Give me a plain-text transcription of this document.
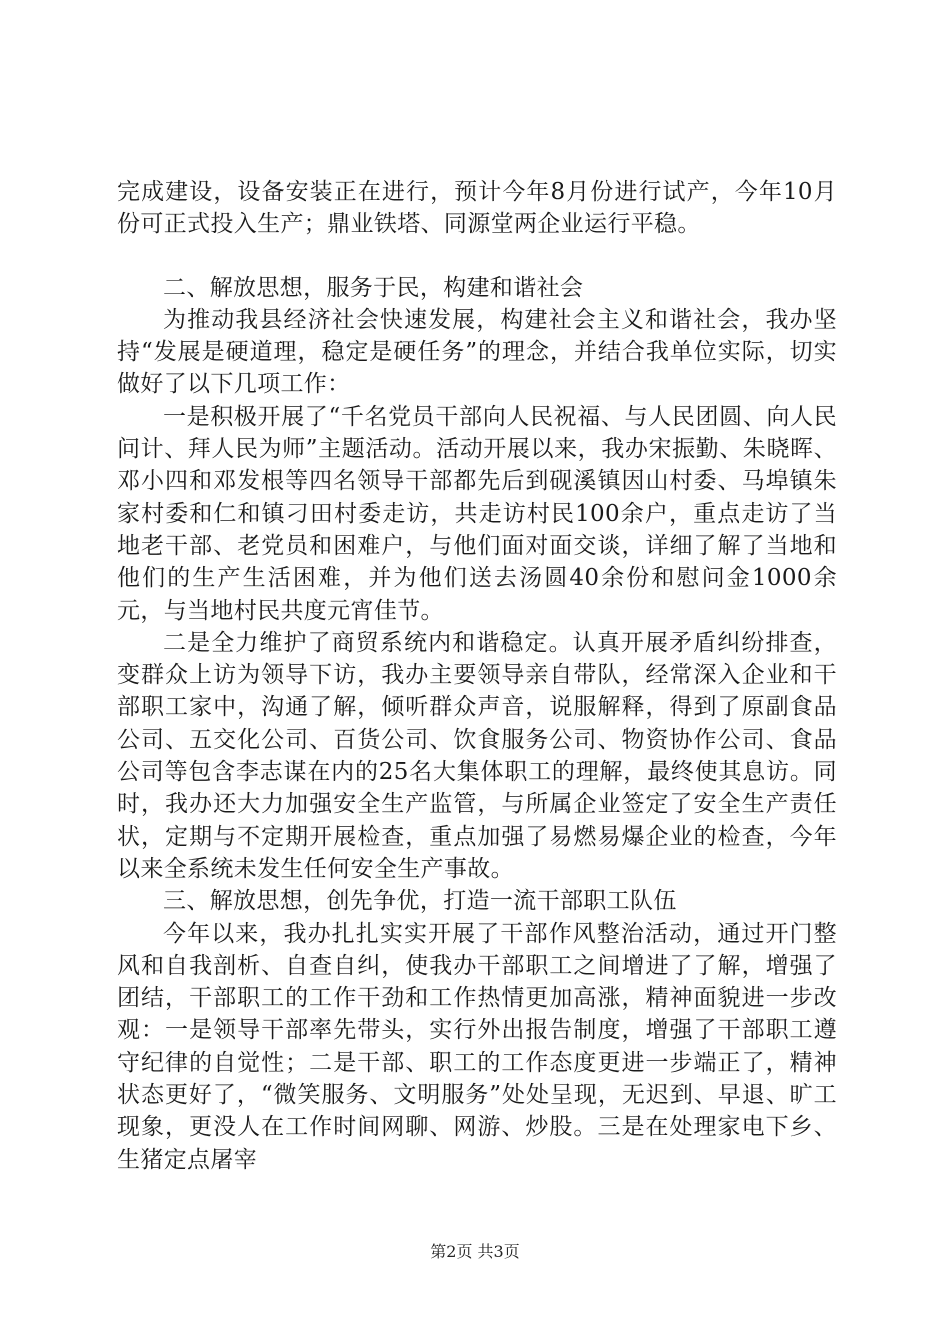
完成建设，设备安装正在进行，预计今年8月份进行试产，今年10月份可正式投入生产；鼎业铁塔、同源堂两企业运行平稳。

二、解放思想，服务于民，构建和谐社会

为推动我县经济社会快速发展，构建社会主义和谐社会，我办坚持“发展是硬道理，稳定是硬任务”的理念，并结合我单位实际，切实做好了以下几项工作：

一是积极开展了“千名党员干部向人民祝福、与人民团圆、向人民问计、拜人民为师”主题活动。活动开展以来，我办宋振勤、朱晓晖、邓小四和邓发根等四名领导干部都先后到砚溪镇因山村委、马埠镇朱家村委和仁和镇刁田村委走访，共走访村民100余户，重点走访了当地老干部、老党员和困难户，与他们面对面交谈，详细了解了当地和他们的生产生活困难，并为他们送去汤圆40余份和慰问金1000余元，与当地村民共度元宵佳节。

二是全力维护了商贸系统内和谐稳定。认真开展矛盾纠纷排查，变群众上访为领导下访，我办主要领导亲自带队，经常深入企业和干部职工家中，沟通了解，倾听群众声音，说服解释，得到了原副食品公司、五交化公司、百货公司、饮食服务公司、物资协作公司、食品公司等包含李志谋在内的25名大集体职工的理解，最终使其息访。同时，我办还大力加强安全生产监管，与所属企业签定了安全生产责任状，定期与不定期开展检查，重点加强了易燃易爆企业的检查，今年以来全系统未发生任何安全生产事故。

三、解放思想，创先争优，打造一流干部职工队伍

今年以来，我办扎扎实实开展了干部作风整治活动，通过开门整风和自我剖析、自查自纠，使我办干部职工之间增进了了解，增强了团结，干部职工的工作干劲和工作热情更加高涨，精神面貌进一步改观：一是领导干部率先带头，实行外出报告制度，增强了干部职工遵守纪律的自觉性；二是干部、职工的工作态度更进一步端正了，精神状态更好了，“微笑服务、文明服务”处处呈现，无迟到、早退、旷工现象，更没人在工作时间网聊、网游、炒股。三是在处理家电下乡、生猪定点屠宰

第2页 共3页
